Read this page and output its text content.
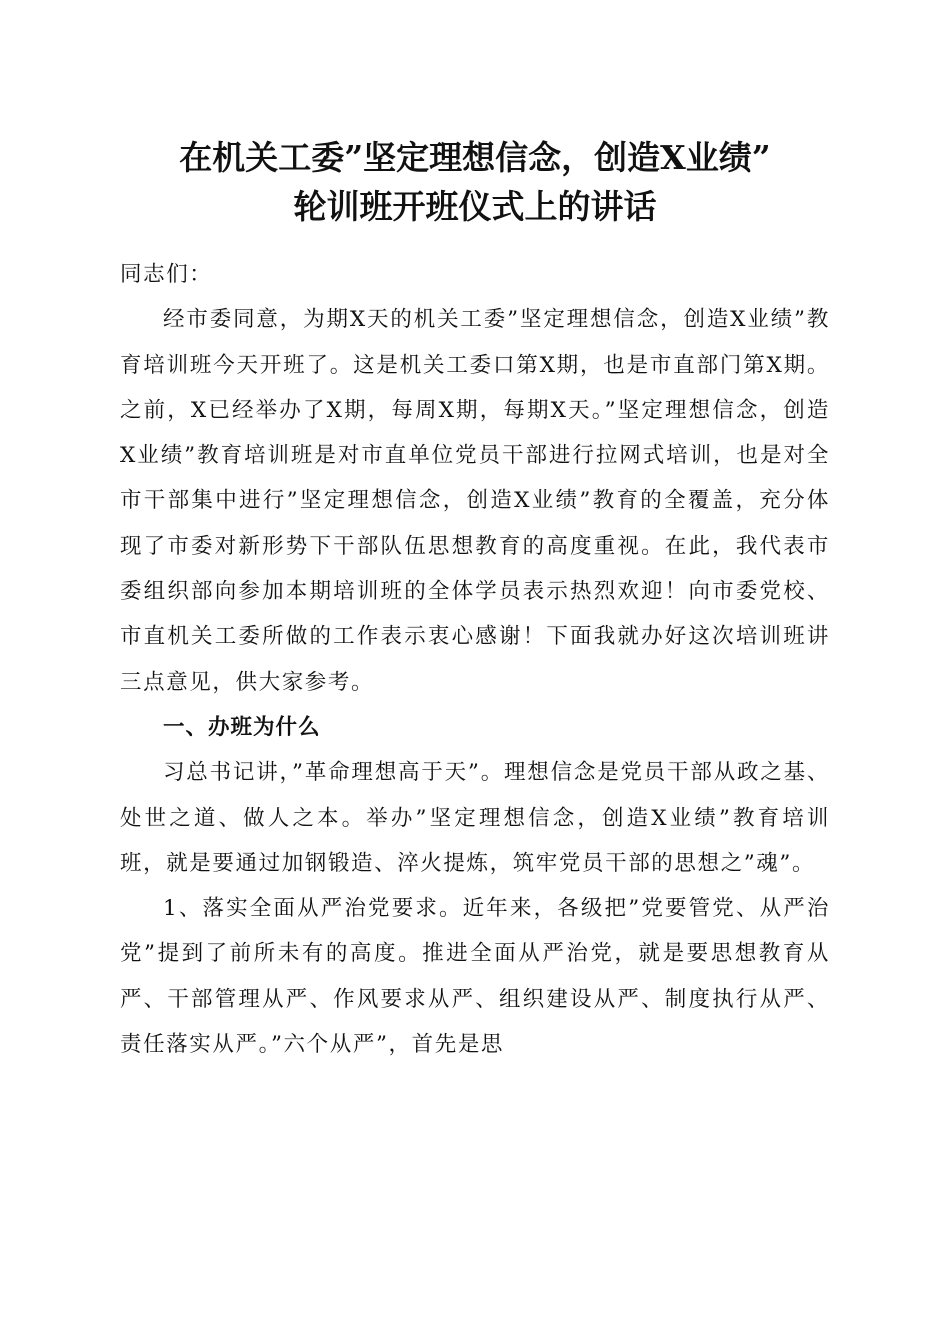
在机关工委”坚定理想信念，创造X业绩”
轮训班开班仪式上的讲话

同志们：

经市委同意，为期X天的机关工委”坚定理想信念，创造X业绩”教育培训班今天开班了。这是机关工委口第X期，也是市直部门第X期。之前，X已经举办了X期，每周X期，每期X天。”坚定理想信念，创造X业绩”教育培训班是对市直单位党员干部进行拉网式培训，也是对全市干部集中进行”坚定理想信念，创造X业绩”教育的全覆盖，充分体现了市委对新形势下干部队伍思想教育的高度重视。在此，我代表市委组织部向参加本期培训班的全体学员表示热烈欢迎！向市委党校、市直机关工委所做的工作表示衷心感谢！下面我就办好这次培训班讲三点意见，供大家参考。

一、办班为什么

习总书记讲，”革命理想高于天”。理想信念是党员干部从政之基、处世之道、做人之本。举办”坚定理想信念，创造X业绩”教育培训班，就是要通过加钢锻造、淬火提炼，筑牢党员干部的思想之”魂”。

1、落实全面从严治党要求。近年来，各级把”党要管党、从严治党”提到了前所未有的高度。推进全面从严治党，就是要思想教育从严、干部管理从严、作风要求从严、组织建设从严、制度执行从严、责任落实从严。”六个从严”，首先是思
